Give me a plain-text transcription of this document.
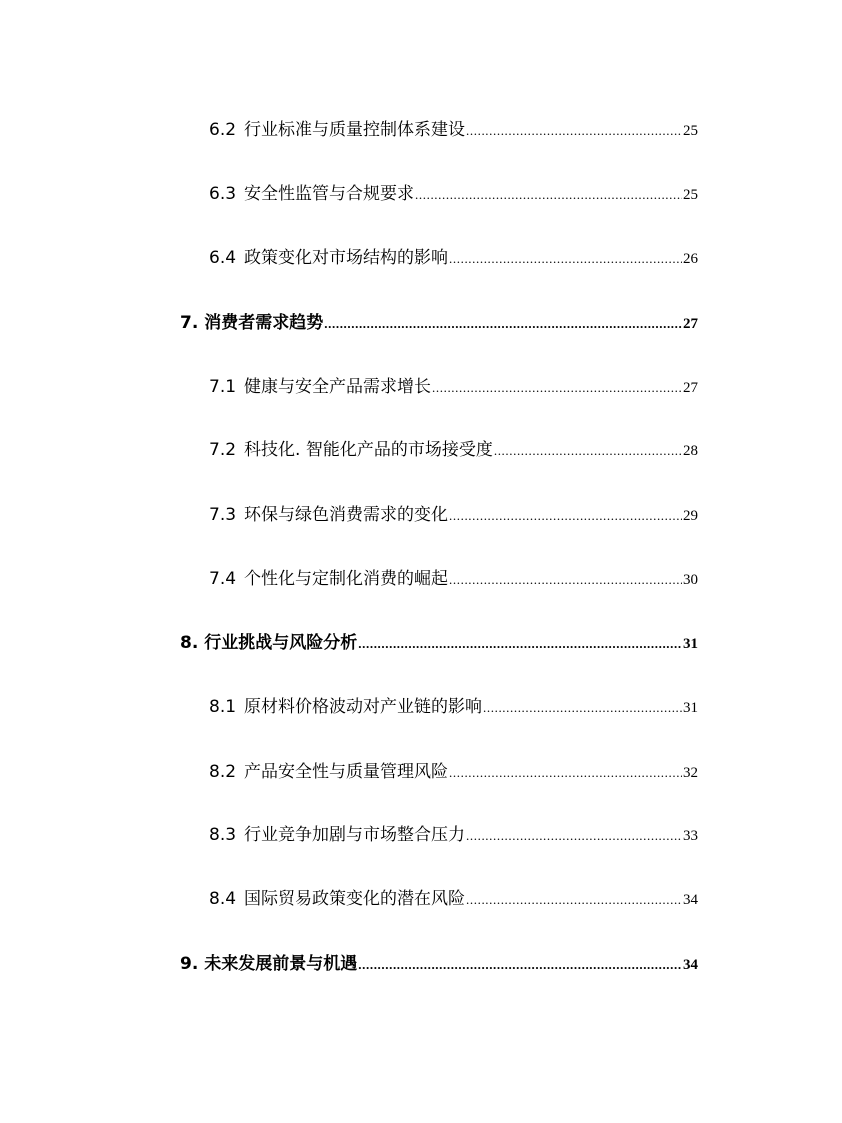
6.2 行业标准与质量控制体系建设 .....	25
6.3 安全性监管与合规要求 .....	25
6.4 政策变化对市场结构的影响 .....	26
7. 消费者需求趋势 .....	27
7.1 健康与安全产品需求增长 .....	27
7.2 科技化. 智能化产品的市场接受度 .....	28
7.3 环保与绿色消费需求的变化 .....	29
7.4 个性化与定制化消费的崛起 .....	30
8. 行业挑战与风险分析 .....	31
8.1 原材料价格波动对产业链的影响 .....	31
8.2 产品安全性与质量管理风险 .....	32
8.3 行业竞争加剧与市场整合压力 .....	33
8.4 国际贸易政策变化的潜在风险 .....	34
9. 未来发展前景与机遇 .....	34
